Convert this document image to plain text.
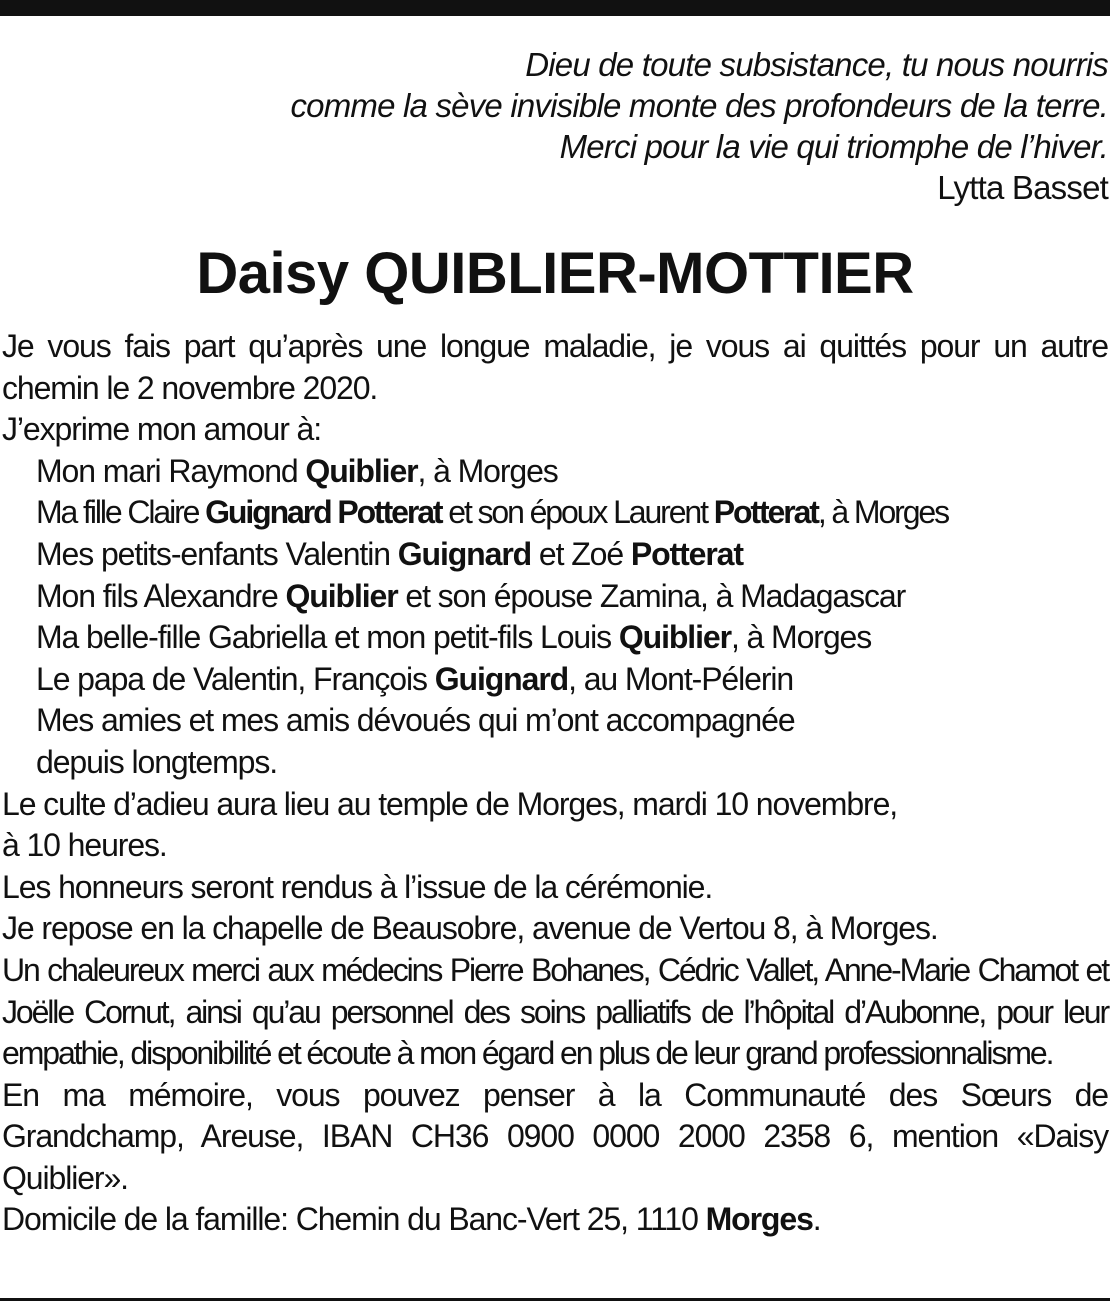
Dieu de toute subsistance, tu nous nourris
comme la sève invisible monte des profondeurs de la terre.
Merci pour la vie qui triomphe de l’hiver.
Lytta Basset
Daisy QUIBLIER-MOTTIER

Je vous fais part qu’après une longue maladie, je vous ai quittés pour un autre chemin le 2 novembre 2020.

J’exprime mon amour à:

Mon mari Raymond Quiblier, à Morges

Ma fille Claire Guignard Potterat et son époux Laurent Potterat, à Morges

Mes petits-enfants Valentin Guignard et Zoé Potterat

Mon fils Alexandre Quiblier et son épouse Zamina, à Madagascar

Ma belle-fille Gabriella et mon petit-fils Louis Quiblier, à Morges

Le papa de Valentin, François Guignard, au Mont-Pélerin

Mes amies et mes amis dévoués qui m’ont accompagnée

depuis longtemps.

Le culte d’adieu aura lieu au temple de Morges, mardi 10 novembre,

à 10 heures.

Les honneurs seront rendus à l’issue de la cérémonie.

Je repose en la chapelle de Beausobre, avenue de Vertou 8, à Morges.

Un chaleureux merci aux médecins Pierre Bohanes, Cédric Vallet, Anne-Marie Chamot et Joëlle Cornut, ainsi qu’au personnel des soins palliatifs de l’hôpital d’Aubonne, pour leur empathie, disponibilité et écoute à mon égard en plus de leur grand professionnalisme.

En ma mémoire, vous pouvez penser à la Communauté des Sœurs de Grandchamp, Areuse, IBAN CH36 0900 0000 2000 2358 6, mention «Daisy Quiblier».

Domicile de la famille: Chemin du Banc-Vert 25, 1110 Morges.
